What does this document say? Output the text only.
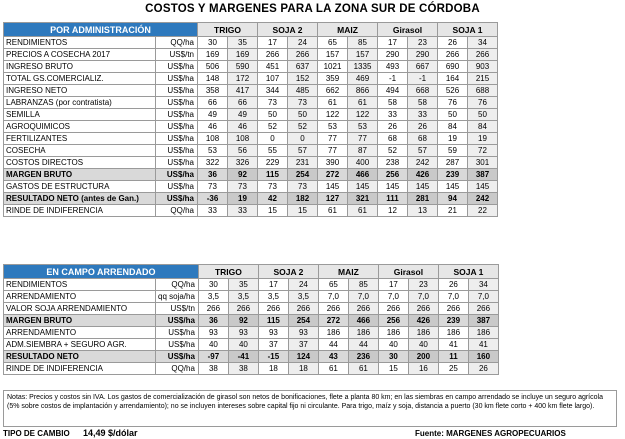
COSTOS Y MARGENES PARA LA ZONA SUR DE CÓRDOBA
POR ADMINISTRACIÓN		TRIGO		SOJA 2		MAIZ		Girasol		SOJA 1	
RENDIMIENTOS	QQ/ha	30	35	17	24	65	85	17	23	26	34
PRECIOS A COSECHA 2017	US$/tn	169	169	266	266	157	157	290	290	266	266
INGRESO BRUTO	US$/ha	506	590	451	637	1021	1335	493	667	690	903
TOTAL GS.COMERCIALIZ.	US$/ha	148	172	107	152	359	469	-1	-1	164	215
INGRESO NETO	US$/ha	358	417	344	485	662	866	494	668	526	688
LABRANZAS (por contratista)	US$/ha	66	66	73	73	61	61	58	58	76	76
SEMILLA	US$/ha	49	49	50	50	122	122	33	33	50	50
AGROQUIMICOS	US$/ha	46	46	52	52	53	53	26	26	84	84
FERTILIZANTES	US$/ha	108	108	0	0	77	77	68	68	19	19
COSECHA	US$/ha	53	56	55	57	77	87	52	57	59	72
COSTOS DIRECTOS	US$/ha	322	326	229	231	390	400	238	242	287	301
MARGEN BRUTO	US$/ha	36	92	115	254	272	466	256	426	239	387
GASTOS DE ESTRUCTURA	US$/ha	73	73	73	73	145	145	145	145	145	145
RESULTADO NETO (antes de Gan.)	US$/ha	-36	19	42	182	127	321	111	281	94	242
RINDE DE INDIFERENCIA	QQ/ha	33	33	15	15	61	61	12	13	21	22
EN CAMPO ARRENDADO		TRIGO		SOJA 2		MAIZ		Girasol		SOJA 1	
RENDIMIENTOS	QQ/ha	30	35	17	24	65	85	17	23	26	34
ARRENDAMIENTO	qq soja/ha	3,5	3,5	3,5	3,5	7,0	7,0	7,0	7,0	7,0	7,0
VALOR SOJA ARRENDAMIENTO	US$/tn	266	266	266	266	266	266	266	266	266	266
MARGEN BRUTO	US$/ha	36	92	115	254	272	466	256	426	239	387
ARRENDAMIENTO	US$/ha	93	93	93	93	186	186	186	186	186	186
ADM.SIEMBRA + SEGURO AGR.	US$/ha	40	40	37	37	44	44	40	40	41	41
RESULTADO NETO	US$/ha	-97	-41	-15	124	43	236	30	200	11	160
RINDE DE INDIFERENCIA	QQ/ha	38	38	18	18	61	61	15	16	25	26
Notas: Precios y costos sin IVA. Los gastos de comercialización de girasol son netos de bonificaciones, flete a planta 80 km; en las siembras en campo arrendado se incluye un seguro agrícola (5% sobre costos de implantación y arrendamiento); no se incluyen intereses sobre capital fijo ni circulante. Para trigo, maíz y soja, distancia a puerto (30 km flete corto + 400 km flete largo).
TIPO DE CAMBIO 14,49 $/dólar	Fuente: MARGENES AGROPECUARIOS
